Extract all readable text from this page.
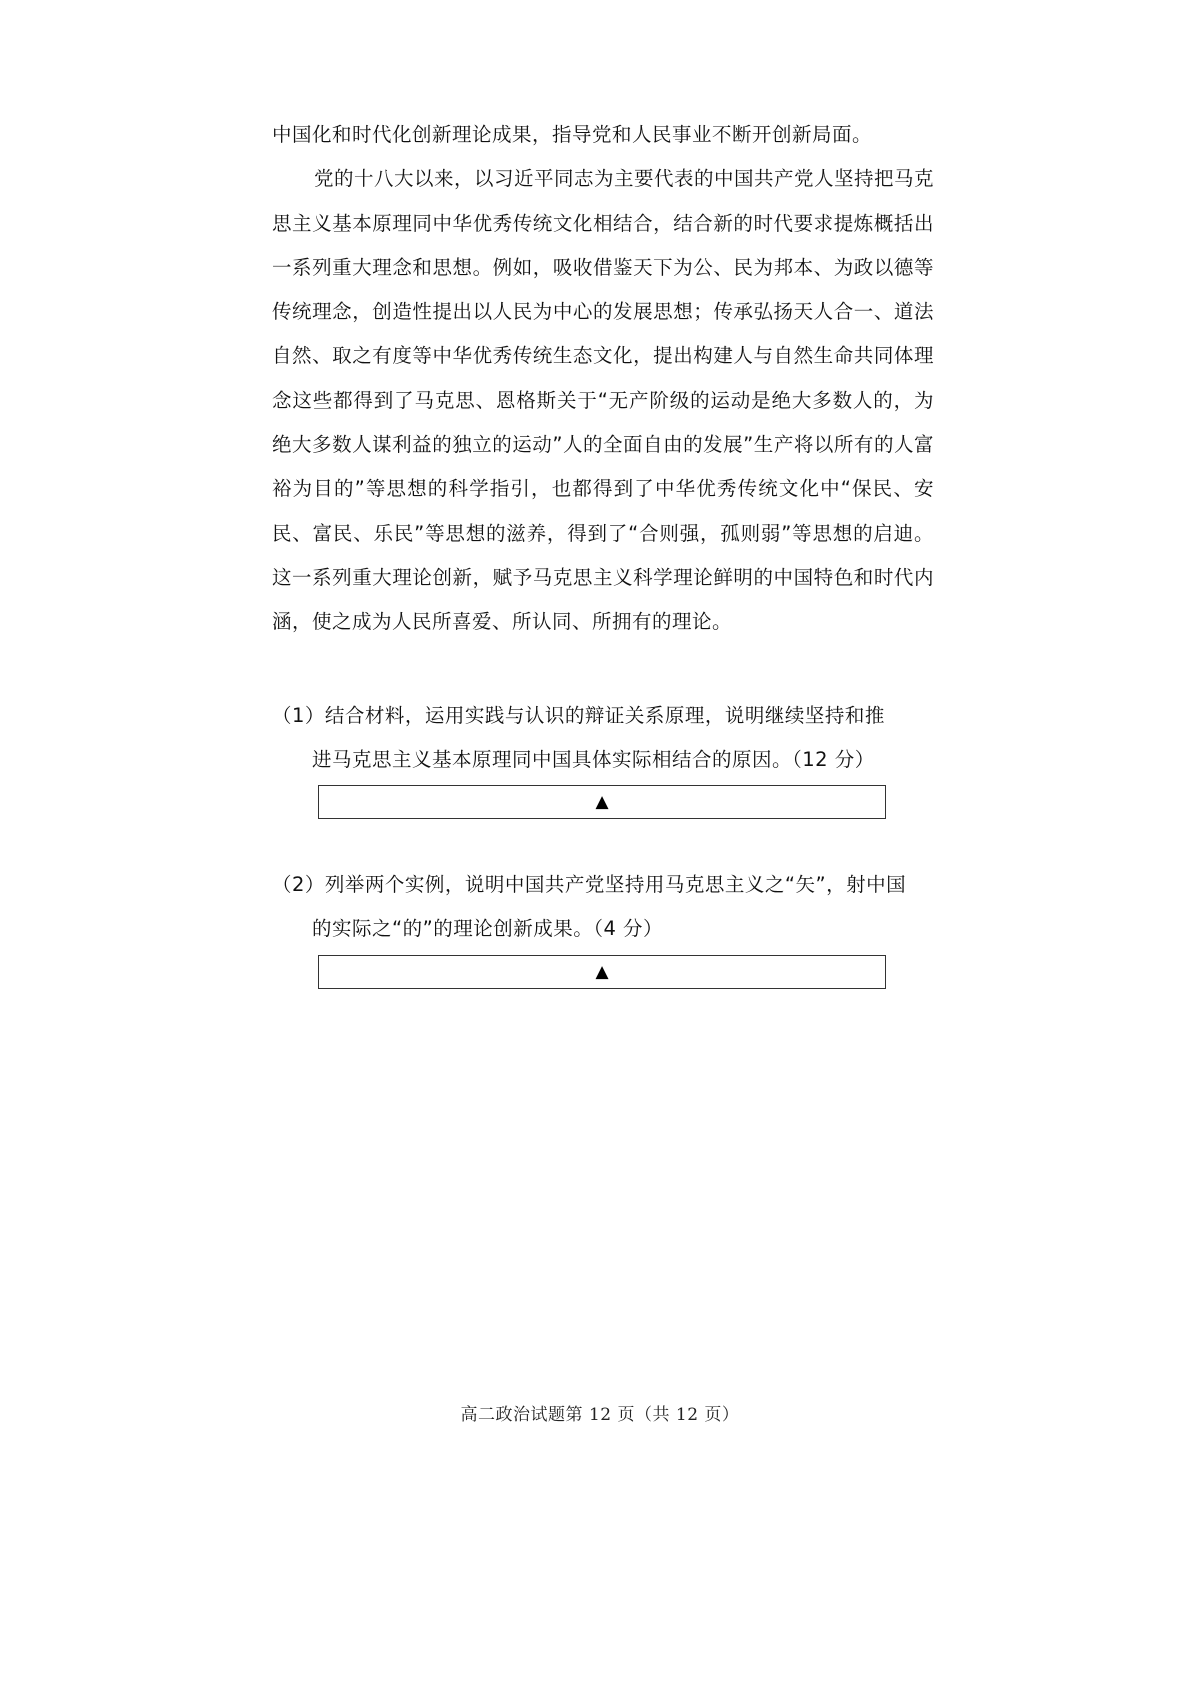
中国化和时代化创新理论成果，指导党和人民事业不断开创新局面。

党的十八大以来，以习近平同志为主要代表的中国共产党人坚持把马克思主义基本原理同中华优秀传统文化相结合，结合新的时代要求提炼概括出一系列重大理念和思想。例如，吸收借鉴天下为公、民为邦本、为政以德等传统理念，创造性提出以人民为中心的发展思想；传承弘扬天人合一、道法自然、取之有度等中华优秀传统生态文化，提出构建人与自然生命共同体理念这些都得到了马克思、恩格斯关于“无产阶级的运动是绝大多数人的，为绝大多数人谋利益的独立的运动”人的全面自由的发展”生产将以所有的人富裕为目的”等思想的科学指引，也都得到了中华优秀传统文化中“保民、安民、富民、乐民”等思想的滋养，得到了“合则强，孤则弱”等思想的启迪。这一系列重大理论创新，赋予马克思主义科学理论鲜明的中国特色和时代内涵，使之成为人民所喜爱、所认同、所拥有的理论。

（1）结合材料，运用实践与认识的辩证关系原理，说明继续坚持和推
进马克思主义基本原理同中国具体实际相结合的原因。（12 分）
▲
（2）列举两个实例，说明中国共产党坚持用马克思主义之“矢”，射中国
的实际之“的”的理论创新成果。（4 分）
▲
高二政治试题第 12 页（共 12 页）
